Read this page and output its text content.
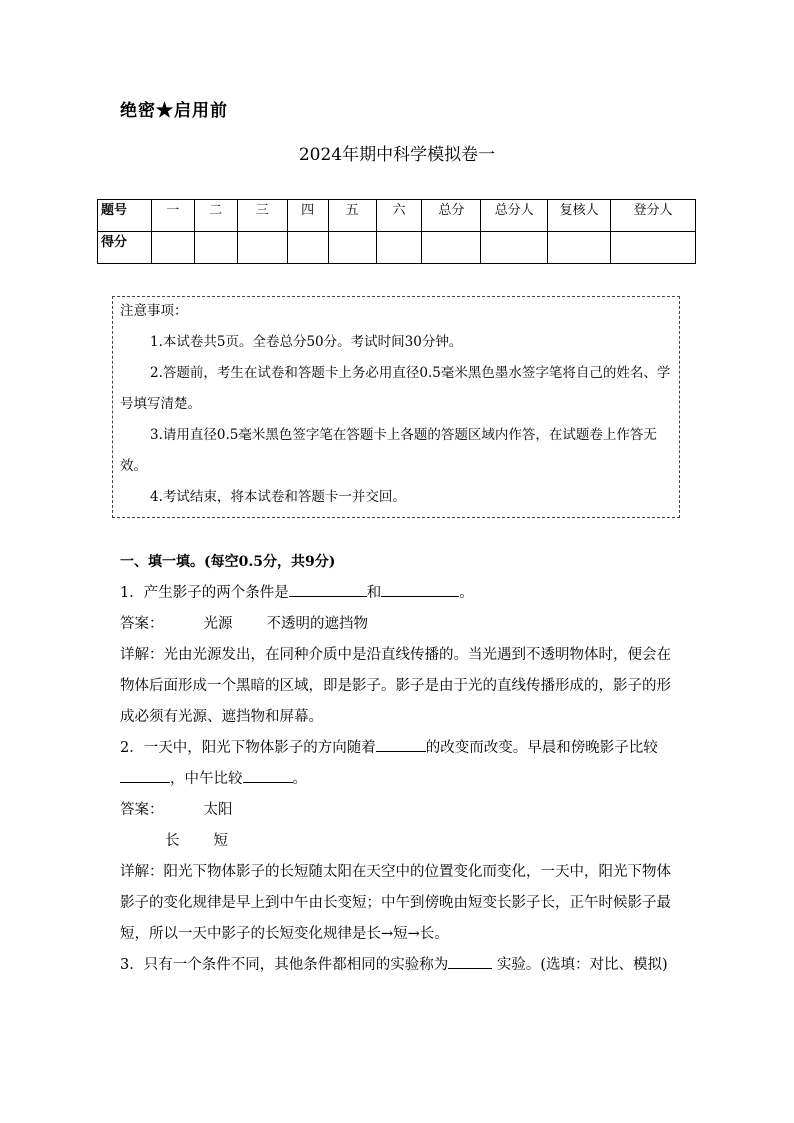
绝密★启用前
2024年期中科学模拟卷一
题号	一	二	三	四	五	六	总分	总分人	复核人	登分人
得分										

注意事项：

1.本试卷共5页。全卷总分50分。考试时间30分钟。

2.答题前，考生在试卷和答题卡上务必用直径0.5毫米黑色墨水签字笔将自己的姓名、学号填写清楚。

3.请用直径0.5毫米黑色签字笔在答题卡上各题的答题区域内作答，在试题卷上作答无效。

4.考试结束，将本试卷和答题卡一并交回。

一、填一填。(每空0.5分，共9分)

1．产生影子的两个条件是	和	。

答案：	光源 不透明的遮挡物

详解：光由光源发出，在同种介质中是沿直线传播的。当光遇到不透明物体时，便会在物体后面形成一个黑暗的区域，即是影子。影子是由于光的直线传播形成的，影子的形成必须有光源、遮挡物和屏幕。

2．一天中，阳光下物体影子的方向随着	的改变而改变。早晨和傍晚影子比较，中午比较	。

答案：	太阳

长 短

详解：阳光下物体影子的长短随太阳在天空中的位置变化而变化，一天中，阳光下物体影子的变化规律是早上到中午由长变短；中午到傍晚由短变长影子长，正午时候影子最短，所以一天中影子的长短变化规律是长→短→长。

3．只有一个条件不同，其他条件都相同的实验称为	实验。(选填：对比、模拟)
